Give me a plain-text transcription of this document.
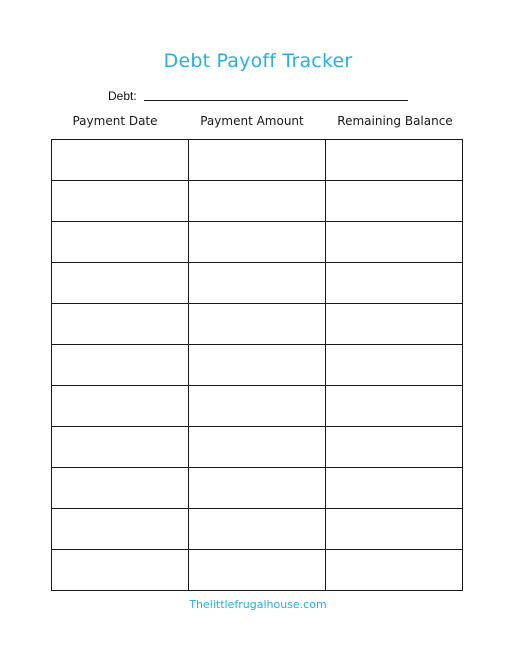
Debt Payoff Tracker
Debt:
Payment Date	Payment Amount	Remaining Balance

Thelittlefrugalhouse.com
